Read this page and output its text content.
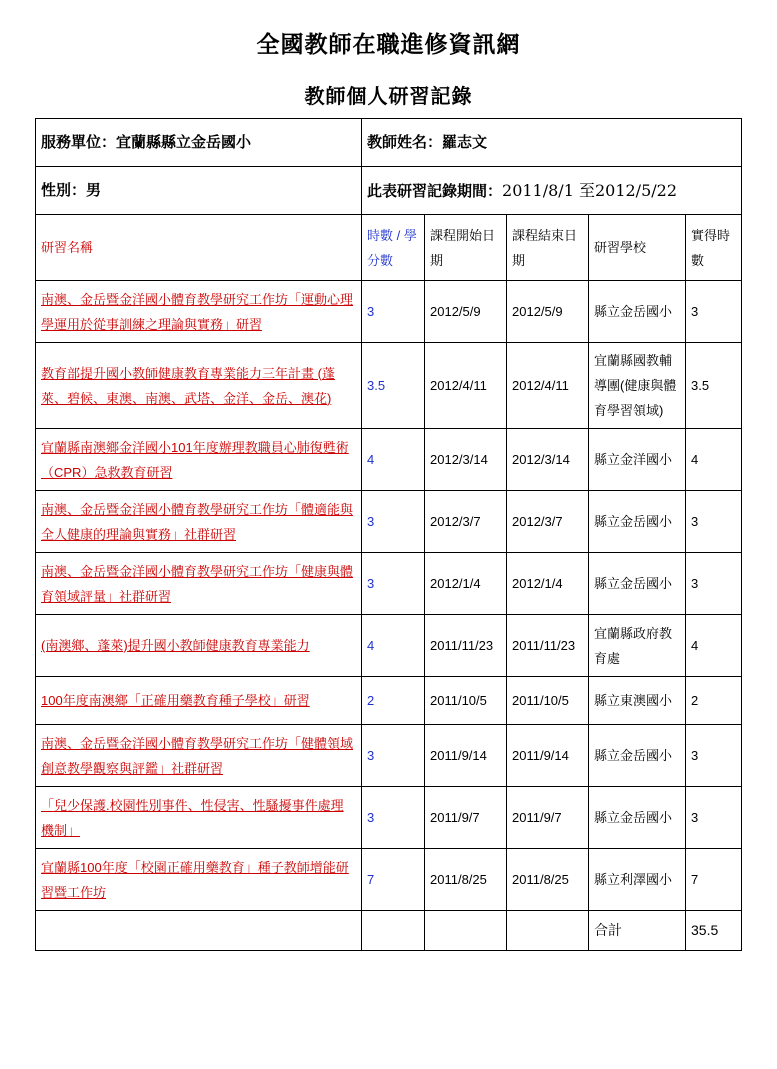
全國教師在職進修資訊網
教師個人研習記錄
服務單位：宜蘭縣縣立金岳國小	教師姓名：羅志文				
性別：男	此表研習記錄期間：2011/8/1 至2012/5/22				
研習名稱	時數 / 學分數	課程開始日期	課程結束日期	研習學校	實得時數
南澳、金岳暨金洋國小體育教學研究工作坊「運動心理學運用於從事訓練之理論與實務」研習	3	2012/5/9	2012/5/9	縣立金岳國小	3
教育部提升國小教師健康教育專業能力三年計畫 (蓬萊、碧候、東澳、南澳、武塔、金洋、金岳、澳花)	3.5	2012/4/11	2012/4/11	宜蘭縣國教輔導團(健康與體育學習領域)	3.5
宜蘭縣南澳鄉金洋國小101年度辦理教職員心肺復甦術（CPR）急救教育研習	4	2012/3/14	2012/3/14	縣立金洋國小	4
南澳、金岳暨金洋國小體育教學研究工作坊「體適能與全人健康的理論與實務」社群研習	3	2012/3/7	2012/3/7	縣立金岳國小	3
南澳、金岳暨金洋國小體育教學研究工作坊「健康與體育領域評量」社群研習	3	2012/1/4	2012/1/4	縣立金岳國小	3
(南澳鄉、蓬萊)提升國小教師健康教育專業能力	4	2011/11/23	2011/11/23	宜蘭縣政府教育處	4
100年度南澳鄉「正確用藥教育種子學校」研習	2	2011/10/5	2011/10/5	縣立東澳國小	2
南澳、金岳暨金洋國小體育教學研究工作坊「健體領域創意教學觀察與評鑑」社群研習	3	2011/9/14	2011/9/14	縣立金岳國小	3
「兒少保護.校園性別事件、性侵害、性騷擾事件處理機制」	3	2011/9/7	2011/9/7	縣立金岳國小	3
宜蘭縣100年度「校園正確用藥教育」種子教師增能研習暨工作坊	7	2011/8/25	2011/8/25	縣立利澤國小	7
				合計	35.5
